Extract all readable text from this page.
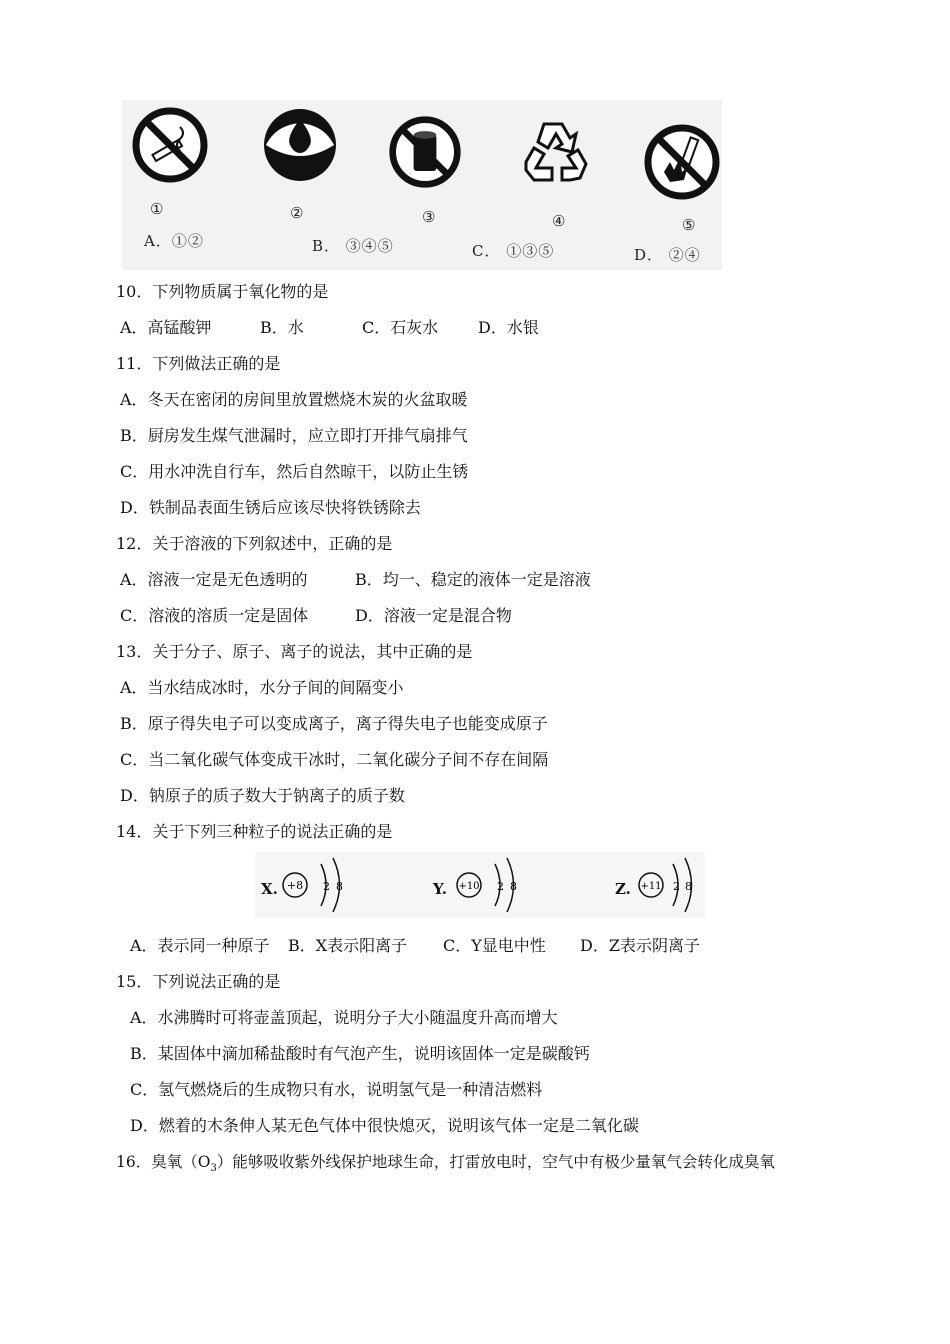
①	②	③	④	⑤
A．①②	B． ③④⑤	C． ①③⑤	D． ②④
10．下列物质属于氧化物的是
A．高锰酸钾	B．水	C．石灰水 D．水银
11．下列做法正确的是
A．冬天在密闭的房间里放置燃烧木炭的火盆取暖
B．厨房发生煤气泄漏时，应立即打开排气扇排气
C．用水冲洗自行车，然后自然晾干，以防止生锈
D．铁制品表面生锈后应该尽快将铁锈除去
12．关于溶液的下列叙述中，正确的是
A．溶液一定是无色透明的	B．均一、稳定的液体一定是溶液
C．溶液的溶质一定是固体	D．溶液一定是混合物
13．关于分子、原子、离子的说法，其中正确的是
A．当水结成冰时，水分子间的间隔变小
B．原子得失电子可以变成离子，离子得失电子也能变成原子
C．当二氧化碳气体变成干冰时，二氧化碳分子间不存在间隔
D．钠原子的质子数大于钠离子的质子数
14．关于下列三种粒子的说法正确的是
X. +8 2 8	Y. +10 2 8	Z. +11 2 8
A．表示同一种原子 B．X表示阳离子 C．Y显电中性 D．Z表示阴离子
15．下列说法正确的是
A．水沸腾时可将壶盖顶起，说明分子大小随温度升高而增大
B．某固体中滴加稀盐酸时有气泡产生，说明该固体一定是碳酸钙
C．氢气燃烧后的生成物只有水，说明氢气是一种清洁燃料
D．燃着的木条伸人某无色气体中很快熄灭，说明该气体一定是二氧化碳
16．臭氧$(O_3)$能够吸收紫外线保护地球生命，打雷放电时，空气中有极少量氧气会转化成臭氧
